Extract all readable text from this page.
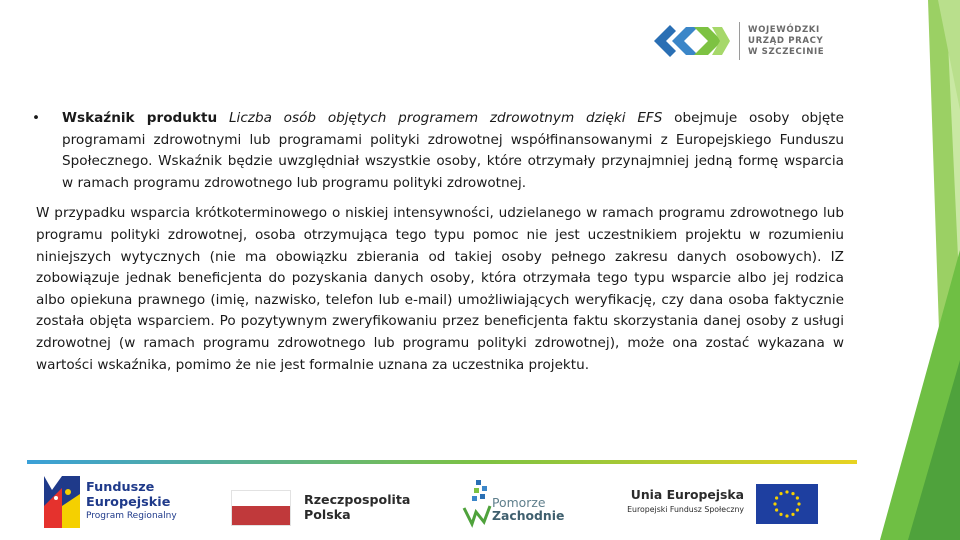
WOJEWÓDZKI
URZĄD PRACY
W SZCZECINIE
• Wskaźnik produktu Liczba osób objętych programem zdrowotnym dzięki EFS obejmuje osoby objęte programami zdrowotnymi lub programami polityki zdrowotnej współfinansowanymi z Europejskiego Funduszu Społecznego. Wskaźnik będzie uwzględniał wszystkie osoby, które otrzymały przynajmniej jedną formę wsparcia w ramach programu zdrowotnego lub programu polityki zdrowotnej.

W przypadku wsparcia krótkoterminowego o niskiej intensywności, udzielanego w ramach programu zdrowotnego lub programu polityki zdrowotnej, osoba otrzymująca tego typu pomoc nie jest uczestnikiem projektu w rozumieniu niniejszych wytycznych (nie ma obowiązku zbierania od takiej osoby pełnego zakresu danych osobowych). IZ zobowiązuje jednak beneficjenta do pozyskania danych osoby, która otrzymała tego typu wsparcie albo jej rodzica albo opiekuna prawnego (imię, nazwisko, telefon lub e-mail) umożliwiających weryfikację, czy dana osoba faktycznie została objęta wsparciem. Po pozytywnym zweryfikowaniu przez beneficjenta faktu skorzystania danej osoby z usługi zdrowotnej (w ramach programu zdrowotnego lub programu polityki zdrowotnej), może ona zostać wykazana w wartości wskaźnika, pomimo że nie jest formalnie uznana za uczestnika projektu.

Fundusze
Europejskie
Program Regionalny
Rzeczpospolita
Polska
Pomorze
Zachodnie
Unia Europejska
Europejski Fundusz Społeczny
